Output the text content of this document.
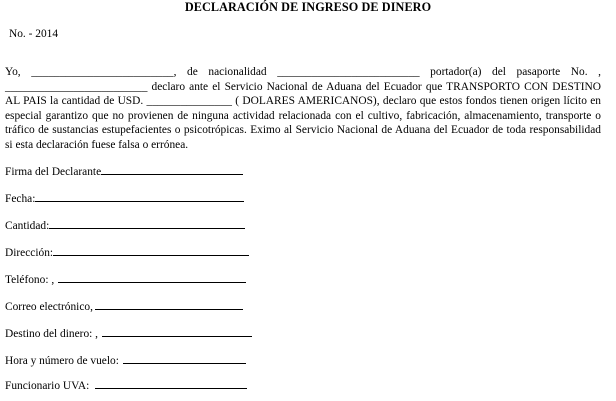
DECLARACIÓN DE INGRESO DE DINERO
No. - 2014
Yo, _________________________, de nacionalidad _________________________ portador(a) del pasaporte No. , _________________________ declaro ante el Servicio Nacional de Aduana del Ecuador que TRANSPORTO CON DESTINO AL PAIS la cantidad de USD. _______________ ( DOLARES AMERICANOS), declaro que estos fondos tienen origen lícito en especial garantizo que no provienen de ninguna actividad relacionada con el cultivo, fabricación, almacenamiento, transporte o tráfico de sustancias estupefacientes o psicotrópicas. Eximo al Servicio Nacional de Aduana del Ecuador de toda responsabilidad si esta declaración fuese falsa o errónea.
Firma del Declarante
Fecha:
Cantidad:
Dirección:
Teléfono: ,
Correo electrónico,
Destino del dinero: ,
Hora y número de vuelo:
Funcionario UVA:
